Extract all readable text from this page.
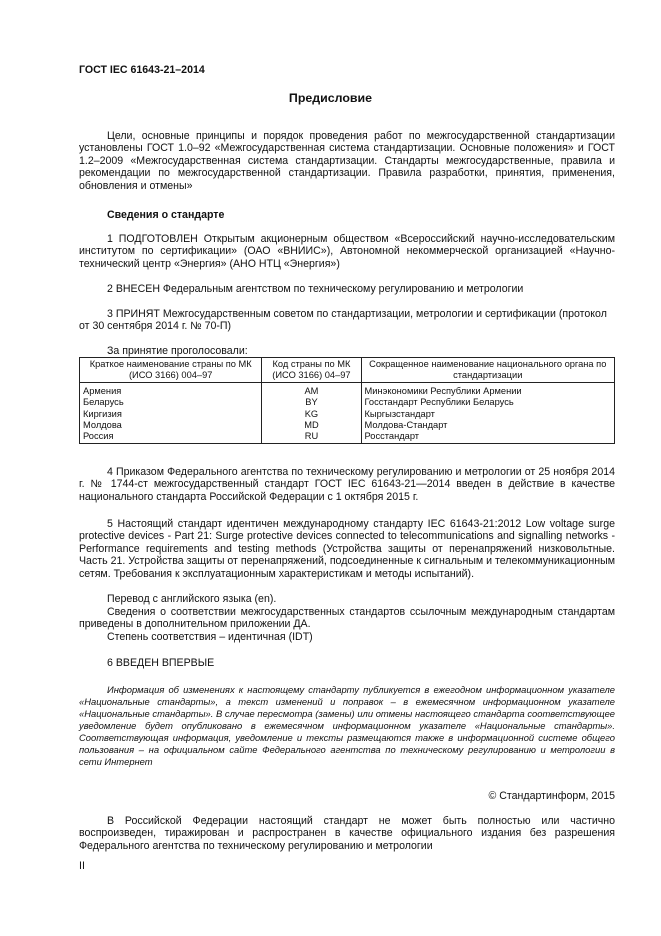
ГОСТ IEC 61643-21–2014
Предисловие
Цели, основные принципы и порядок проведения работ по межгосударственной стандартизации установлены ГОСТ 1.0–92 «Межгосударственная система стандартизации. Основные положения» и ГОСТ 1.2–2009 «Межгосударственная система стандартизации. Стандарты межгосударственные, правила и рекомендации по межгосударственной стандартизации. Правила разработки, принятия, применения, обновления и отмены»
Сведения о стандарте
1 ПОДГОТОВЛЕН Открытым акционерным обществом «Всероссийский научно-исследовательским институтом по сертификации» (ОАО «ВНИИС»), Автономной некоммерческой организацией «Научно-технический центр «Энергия» (АНО НТЦ «Энергия»)
2 ВНЕСЕН Федеральным агентством по техническому регулированию и метрологии
3 ПРИНЯТ Межгосударственным советом по стандартизации, метрологии и сертификации (протокол от 30 сентября 2014 г. № 70-П)
За принятие проголосовали:
Краткое наименование страны по МК (ИСО 3166) 004–97	Код страны по МК (ИСО 3166) 04–97	Сокращенное наименование национального органа по стандартизации
Армения	AM	Минэкономики Республики Армении
Беларусь	BY	Госстандарт Республики Беларусь
Киргизия	KG	Кыргызстандарт
Молдова	MD	Молдова-Стандарт
Россия	RU	Росстандарт
4 Приказом Федерального агентства по техническому регулированию и метрологии от 25 ноября 2014 г. № 1744-ст межгосударственный стандарт ГОСТ IEC 61643-21—2014 введен в действие в качестве национального стандарта Российской Федерации с 1 октября 2015 г.
5 Настоящий стандарт идентичен международному стандарту IEC 61643-21:2012 Low voltage surge protective devices - Part 21: Surge protective devices connected to telecommunications and signalling networks - Performance requirements and testing methods (Устройства защиты от перенапряжений низковольтные. Часть 21. Устройства защиты от перенапряжений, подсоединенные к сигнальным и телекоммуникационным сетям. Требования к эксплуатационным характеристикам и методы испытаний).
Перевод с английского языка (en).
Сведения о соответствии межгосударственных стандартов ссылочным международным стандартам приведены в дополнительном приложении ДА.
Степень соответствия – идентичная (IDT)
6 ВВЕДЕН ВПЕРВЫЕ
Информация об изменениях к настоящему стандарту публикуется в ежегодном информационном указателе «Национальные стандарты», а текст изменений и поправок – в ежемесячном информационном указателе «Национальные стандарты». В случае пересмотра (замены) или отмены настоящего стандарта соответствующее уведомление будет опубликовано в ежемесячном информационном указателе «Национальные стандарты». Соответствующая информация, уведомление и тексты размещаются также в информационной системе общего пользования – на официальном сайте Федерального агентства по техническому регулированию и метрологии в сети Интернет
© Стандартинформ, 2015
В Российской Федерации настоящий стандарт не может быть полностью или частично воспроизведен, тиражирован и распространен в качестве официального издания без разрешения Федерального агентства по техническому регулированию и метрологии
II
